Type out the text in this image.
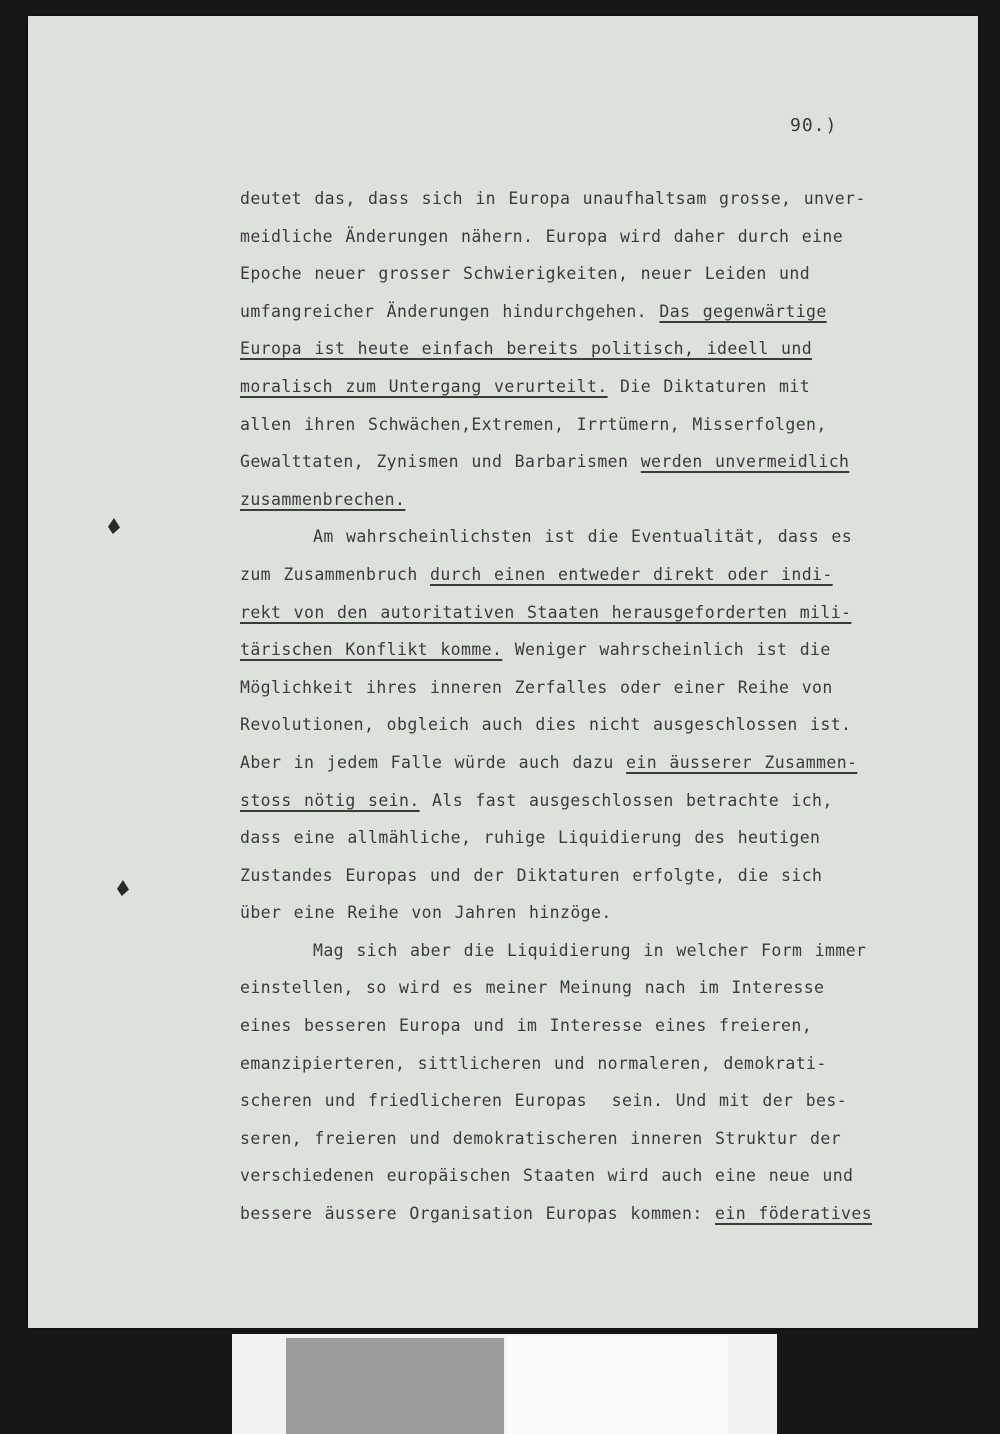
90.)
deutet das, dass sich in Europa unaufhaltsam grosse, unver-
meidliche Änderungen nähern. Europa wird daher durch eine
Epoche neuer grosser Schwierigkeiten, neuer Leiden und
umfangreicher Änderungen hindurchgehen. Das gegenwärtige
Europa ist heute einfach bereits politisch, ideell und
moralisch zum Untergang verurteilt. Die Diktaturen mit
allen ihren Schwächen,Extremen, Irrtümern, Misserfolgen,
Gewalttaten, Zynismen und Barbarismen werden unvermeidlich
zusammenbrechen.
Am wahrscheinlichsten ist die Eventualität, dass es
zum Zusammenbruch durch einen entweder direkt oder indi-
rekt von den autoritativen Staaten herausgeforderten mili-
tärischen Konflikt komme. Weniger wahrscheinlich ist die
Möglichkeit ihres inneren Zerfalles oder einer Reihe von
Revolutionen, obgleich auch dies nicht ausgeschlossen ist.
Aber in jedem Falle würde auch dazu ein äusserer Zusammen-
stoss nötig sein. Als fast ausgeschlossen betrachte ich,
dass eine allmähliche, ruhige Liquidierung des heutigen
Zustandes Europas und der Diktaturen erfolgte, die sich
über eine Reihe von Jahren hinzöge.
Mag sich aber die Liquidierung in welcher Form immer
einstellen, so wird es meiner Meinung nach im Interesse
eines besseren Europa und im Interesse eines freieren,
emanzipierteren, sittlicheren und normaleren, demokrati-
scheren und friedlicheren Europas  sein. Und mit der bes-
seren, freieren und demokratischeren inneren Struktur der
verschiedenen europäischen Staaten wird auch eine neue und
bessere äussere Organisation Europas kommen: ein föderatives
